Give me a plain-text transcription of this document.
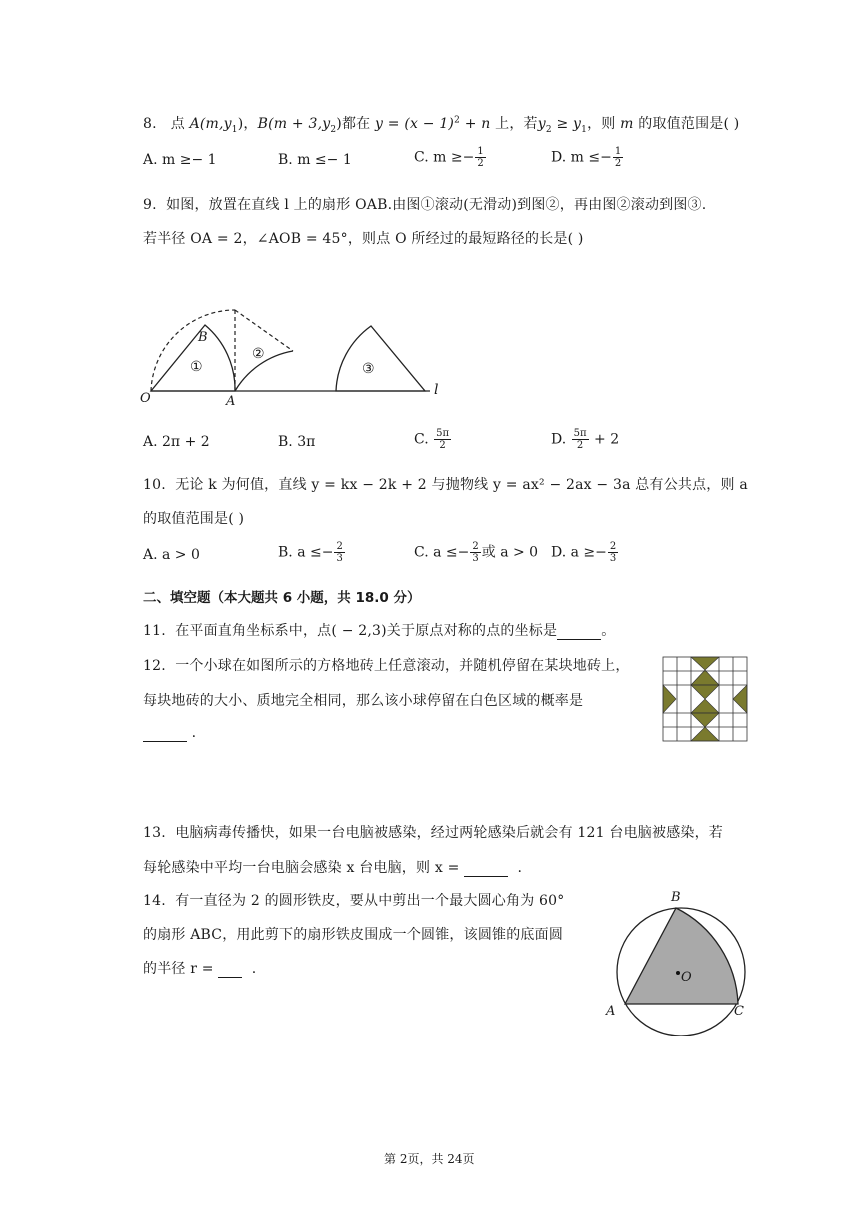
8. 点 $A(m,y_1)$，$B(m + 3,y_2)$都在 $y = (x - 1)^2 + n$ 上，若$y_2 \ge y_1$，则 m 的取值范围是( )
A. m ≥− 1	B. m ≤− 1	C. $m \ge- \frac{1}{2}$	D. $m \le- \frac{1}{2}$
9. 如图，放置在直线 l 上的扇形 OAB.由图①滚动(无滑动)到图②，再由图②滚动到图③.
若半径 OA = 2，∠AOB = 45°，则点 O 所经过的最短路径的长是( )
O	A
B
l
①
②
③
A. 2π + 2	B. 3π	C. $\frac{5\pi}{2}$	D. $\frac{5\pi}{2} + 2$
10. 无论 k 为何值，直线 y = kx − 2k + 2 与抛物线 y = ax² − 2ax − 3a 总有公共点，则 a
的取值范围是( )
A. a > 0	B. $a \le- \frac{2}{3}$	C. $a \le- \frac{2}{3}$ 或 a > 0 D. $a \ge- \frac{2}{3}$
二、填空题（本大题共 6 小题，共 18.0 分）
11. 在平面直角坐标系中，点( − 2,3)关于原点对称的点的坐标是	。
12. 一个小球在如图所示的方格地砖上任意滚动，并随机停留在某块地砖上，
每块地砖的大小、质地完全相同，那么该小球停留在白色区域的概率是
.
13. 电脑病毒传播快，如果一台电脑被感染，经过两轮感染后就会有 121 台电脑被感染，若
每轮感染中平均一台电脑会感染 x 台电脑，则 x =	.
14. 有一直径为 2 的圆形铁皮，要从中剪出一个最大圆心角为 60°
的扇形 ABC，用此剪下的扇形铁皮围成一个圆锥，该圆锥的底面圆
的半径 r =	.
A
B
C
O
第 2页，共 24页
